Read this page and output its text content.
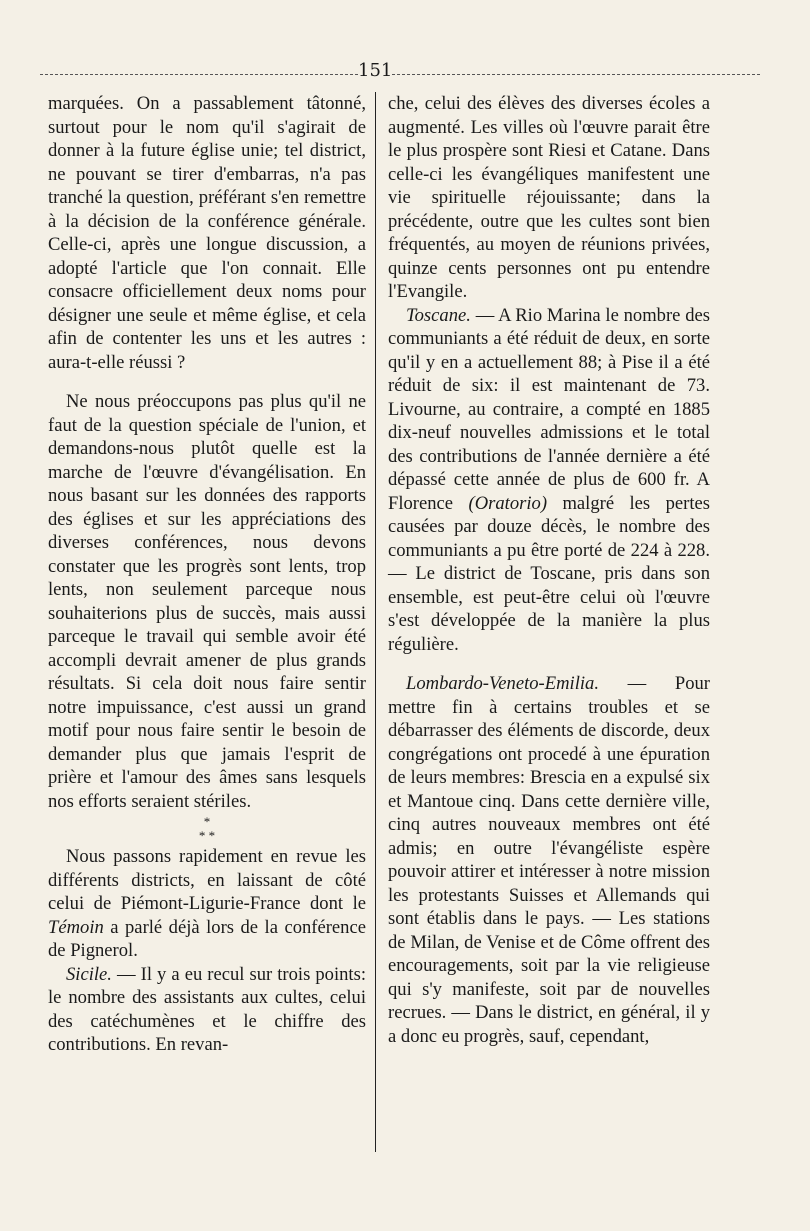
151

marquées. On a passablement tâtonné, surtout pour le nom qu'il s'agirait de donner à la future église unie; tel district, ne pouvant se tirer d'embarras, n'a pas tranché la question, préférant s'en remettre à la décision de la conférence générale. Celle-ci, après une longue discussion, a adopté l'article que l'on connait. Elle consacre officiellement deux noms pour désigner une seule et même église, et cela afin de contenter les uns et les autres : aura-t-elle réussi ?

Ne nous préoccupons pas plus qu'il ne faut de la question spéciale de l'union, et demandons-nous plutôt quelle est la marche de l'œuvre d'évangélisation. En nous basant sur les données des rapports des églises et sur les appréciations des diverses conférences, nous devons constater que les progrès sont lents, trop lents, non seulement parceque nous souhaiterions plus de succès, mais aussi parceque le travail qui semble avoir été accompli devrait amener de plus grands résultats. Si cela doit nous faire sentir notre impuissance, c'est aussi un grand motif pour nous faire sentir le besoin de demander plus que jamais l'esprit de prière et l'amour des âmes sans lesquels nos efforts seraient stériles.

*
* *

Nous passons rapidement en revue les différents districts, en laissant de côté celui de Piémont-Ligurie-France dont le Témoin a parlé déjà lors de la conférence de Pignerol.

Sicile. — Il y a eu recul sur trois points: le nombre des assistants aux cultes, celui des catéchumènes et le chiffre des contributions. En revan-

che, celui des élèves des diverses écoles a augmenté. Les villes où l'œuvre parait être le plus prospère sont Riesi et Catane. Dans celle-ci les évangéliques manifestent une vie spirituelle réjouissante; dans la précédente, outre que les cultes sont bien fréquentés, au moyen de réunions privées, quinze cents personnes ont pu entendre l'Evangile.

Toscane. — A Rio Marina le nombre des communiants a été réduit de deux, en sorte qu'il y en a actuellement 88; à Pise il a été réduit de six: il est maintenant de 73. Livourne, au contraire, a compté en 1885 dix-neuf nouvelles admissions et le total des contributions de l'année dernière a été dépassé cette année de plus de 600 fr. A Florence (Oratorio) malgré les pertes causées par douze décès, le nombre des communiants a pu être porté de 224 à 228. — Le district de Toscane, pris dans son ensemble, est peut-être celui où l'œuvre s'est développée de la manière la plus régulière.

Lombardo-Veneto-Emilia. — Pour mettre fin à certains troubles et se débarrasser des éléments de discorde, deux congrégations ont procedé à une épuration de leurs membres: Brescia en a expulsé six et Mantoue cinq. Dans cette dernière ville, cinq autres nouveaux membres ont été admis; en outre l'évangéliste espère pouvoir attirer et intéresser à notre mission les protestants Suisses et Allemands qui sont établis dans le pays. — Les stations de Milan, de Venise et de Côme offrent des encouragements, soit par la vie religieuse qui s'y manifeste, soit par de nouvelles recrues. — Dans le district, en général, il y a donc eu progrès, sauf, cependant,
